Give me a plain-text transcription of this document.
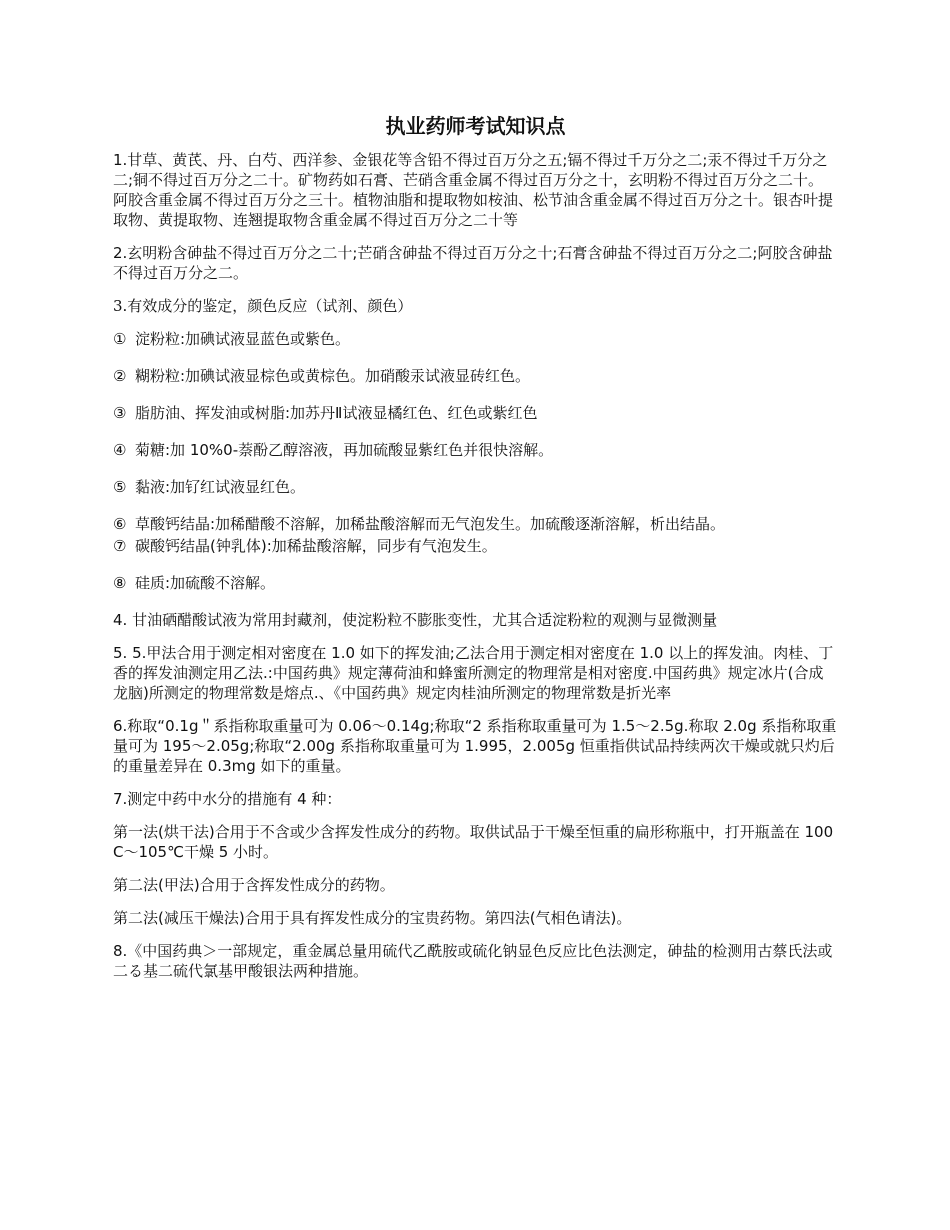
执业药师考试知识点

1.甘草、黄芪、丹、白芍、西洋参、金银花等含铅不得过百万分之五;镉不得过千万分之二;汞不得过千万分之二;铜不得过百万分之二十。矿物药如石膏、芒硝含重金属不得过百万分之十，玄明粉不得过百万分之二十。阿胶含重金属不得过百万分之三十。植物油脂和提取物如桉油、松节油含重金属不得过百万分之十。银杏叶提取物、黄提取物、连翘提取物含重金属不得过百万分之二十等

2.玄明粉含砷盐不得过百万分之二十;芒硝含砷盐不得过百万分之十;石膏含砷盐不得过百万分之二;阿胶含砷盐不得过百万分之二。

3.有效成分的鉴定，颜色反应（试剂、颜色）

① 淀粉粒:加碘试液显蓝色或紫色。
② 糊粉粒:加碘试液显棕色或黄棕色。加硝酸汞试液显砖红色。
③ 脂肪油、挥发油或树脂:加苏丹Ⅱ试液显橘红色、红色或紫红色
④ 菊糖:加 10%0-萘酚乙醇溶液，再加硫酸显紫红色并很快溶解。
⑤ 黏液:加钌红试液显红色。
⑥ 草酸钙结晶:加稀醋酸不溶解，加稀盐酸溶解而无气泡发生。加硫酸逐渐溶解，析出结晶。
⑦ 碳酸钙结晶(钟乳体):加稀盐酸溶解，同步有气泡发生。
⑧ 硅质:加硫酸不溶解。

4. 甘油硒醋酸试液为常用封藏剂，使淀粉粒不膨胀变性，尤其合适淀粉粒的观测与显微测量

5. 5.甲法合用于测定相对密度在 1.0 如下的挥发油;乙法合用于测定相对密度在 1.0 以上的挥发油。肉桂、丁香的挥发油测定用乙法.:中国药典》规定薄荷油和蜂蜜所测定的物理常是相对密度.中国药典》规定冰片(合成龙脑)所测定的物理常数是熔点.、《中国药典》规定肉桂油所测定的物理常数是折光率

6.称取“0.1g＂系指称取重量可为 0.06～0.14g;称取“2 系指称取重量可为 1.5～2.5g.称取 2.0g 系指称取重量可为 195～2.05g;称取“2.00g 系指称取重量可为 1.995，2.005g 恒重指供试品持续两次干燥或就只灼后的重量差异在 0.3mg 如下的重量。

7.测定中药中水分的措施有 4 种：

第一法(烘干法)合用于不含或少含挥发性成分的药物。取供试品于干燥至恒重的扁形称瓶中，打开瓶盖在 100C～105℃干燥 5 小时。

第二法(甲法)合用于含挥发性成分的药物。

第二法(减压干燥法)合用于具有挥发性成分的宝贵药物。第四法(气相色请法)。

8.《中国药典＞一部规定，重金属总量用硫代乙酰胺或硫化钠显色反应比色法测定，砷盐的检测用古蔡氏法或二る基二硫代氯基甲酸银法两种措施。
